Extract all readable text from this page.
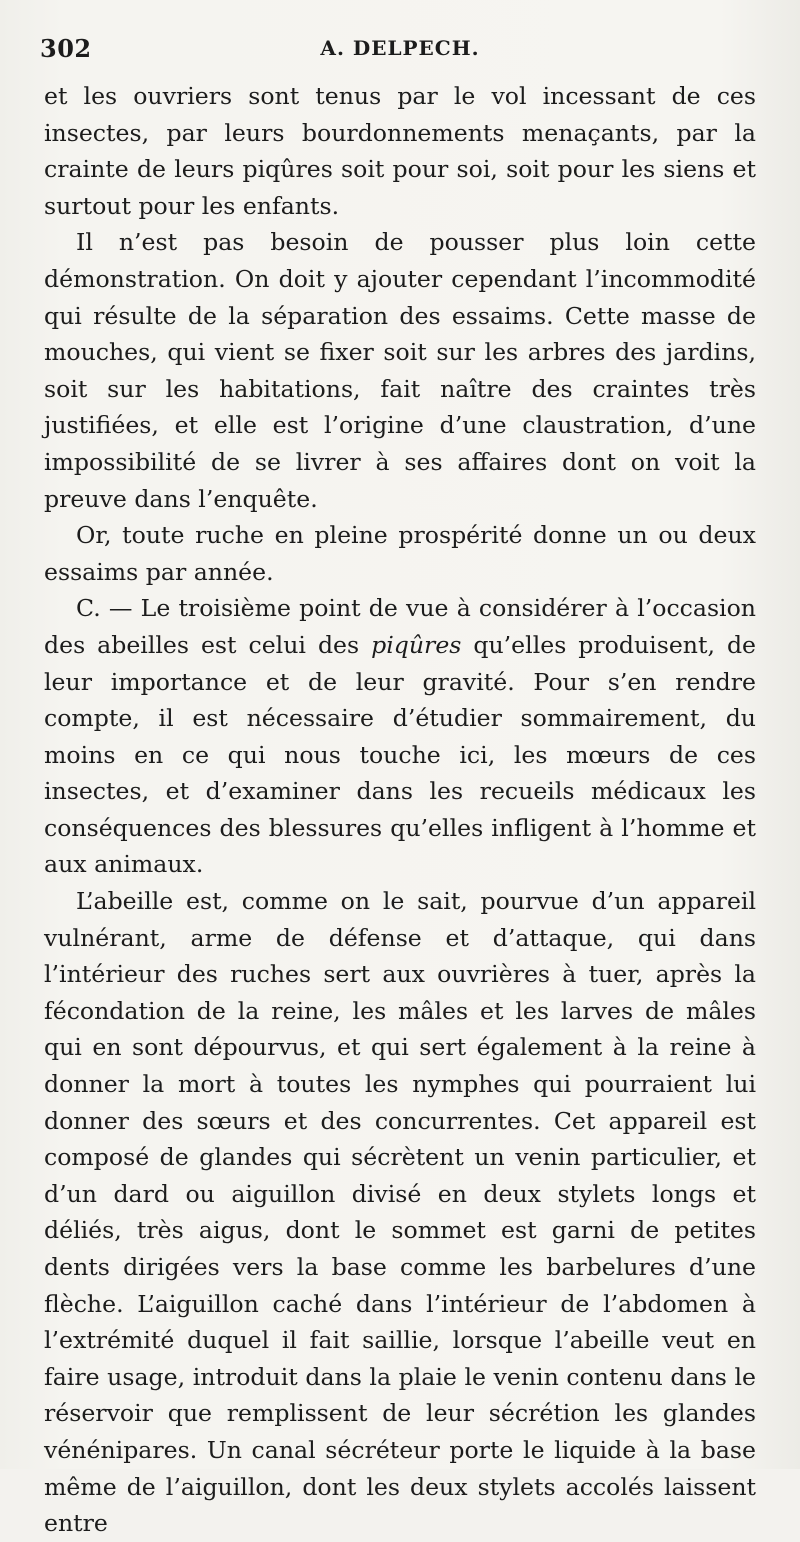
302	A. DELPECH.

et les ouvriers sont tenus par le vol incessant de ces insectes, par leurs bourdonnements menaçants, par la crainte de leurs piqûres soit pour soi, soit pour les siens et surtout pour les enfants.

Il n’est pas besoin de pousser plus loin cette démonstration. On doit y ajouter cependant l’incommodité qui résulte de la séparation des essaims. Cette masse de mouches, qui vient se fixer soit sur les arbres des jardins, soit sur les habitations, fait naître des craintes très justifiées, et elle est l’origine d’une claustration, d’une impossibilité de se livrer à ses affaires dont on voit la preuve dans l’enquête.

Or, toute ruche en pleine prospérité donne un ou deux essaims par année.

C. — Le troisième point de vue à considérer à l’occasion des abeilles est celui des piqûres qu’elles produisent, de leur importance et de leur gravité. Pour s’en rendre compte, il est nécessaire d’étudier sommairement, du moins en ce qui nous touche ici, les mœurs de ces insectes, et d’examiner dans les recueils médicaux les conséquences des blessures qu’elles infligent à l’homme et aux animaux.

L’abeille est, comme on le sait, pourvue d’un appareil vulnérant, arme de défense et d’attaque, qui dans l’intérieur des ruches sert aux ouvrières à tuer, après la fécondation de la reine, les mâles et les larves de mâles qui en sont dépourvus, et qui sert également à la reine à donner la mort à toutes les nymphes qui pourraient lui donner des sœurs et des concurrentes. Cet appareil est composé de glandes qui sécrètent un venin particulier, et d’un dard ou aiguillon divisé en deux stylets longs et déliés, très aigus, dont le sommet est garni de petites dents dirigées vers la base comme les barbelures d’une flèche. L’aiguillon caché dans l’intérieur de l’abdomen à l’extrémité duquel il fait saillie, lorsque l’abeille veut en faire usage, introduit dans la plaie le venin contenu dans le réservoir que remplissent de leur sécrétion les glandes vénénipares. Un canal sécréteur porte le liquide à la base même de l’aiguillon, dont les deux stylets accolés laissent entre
